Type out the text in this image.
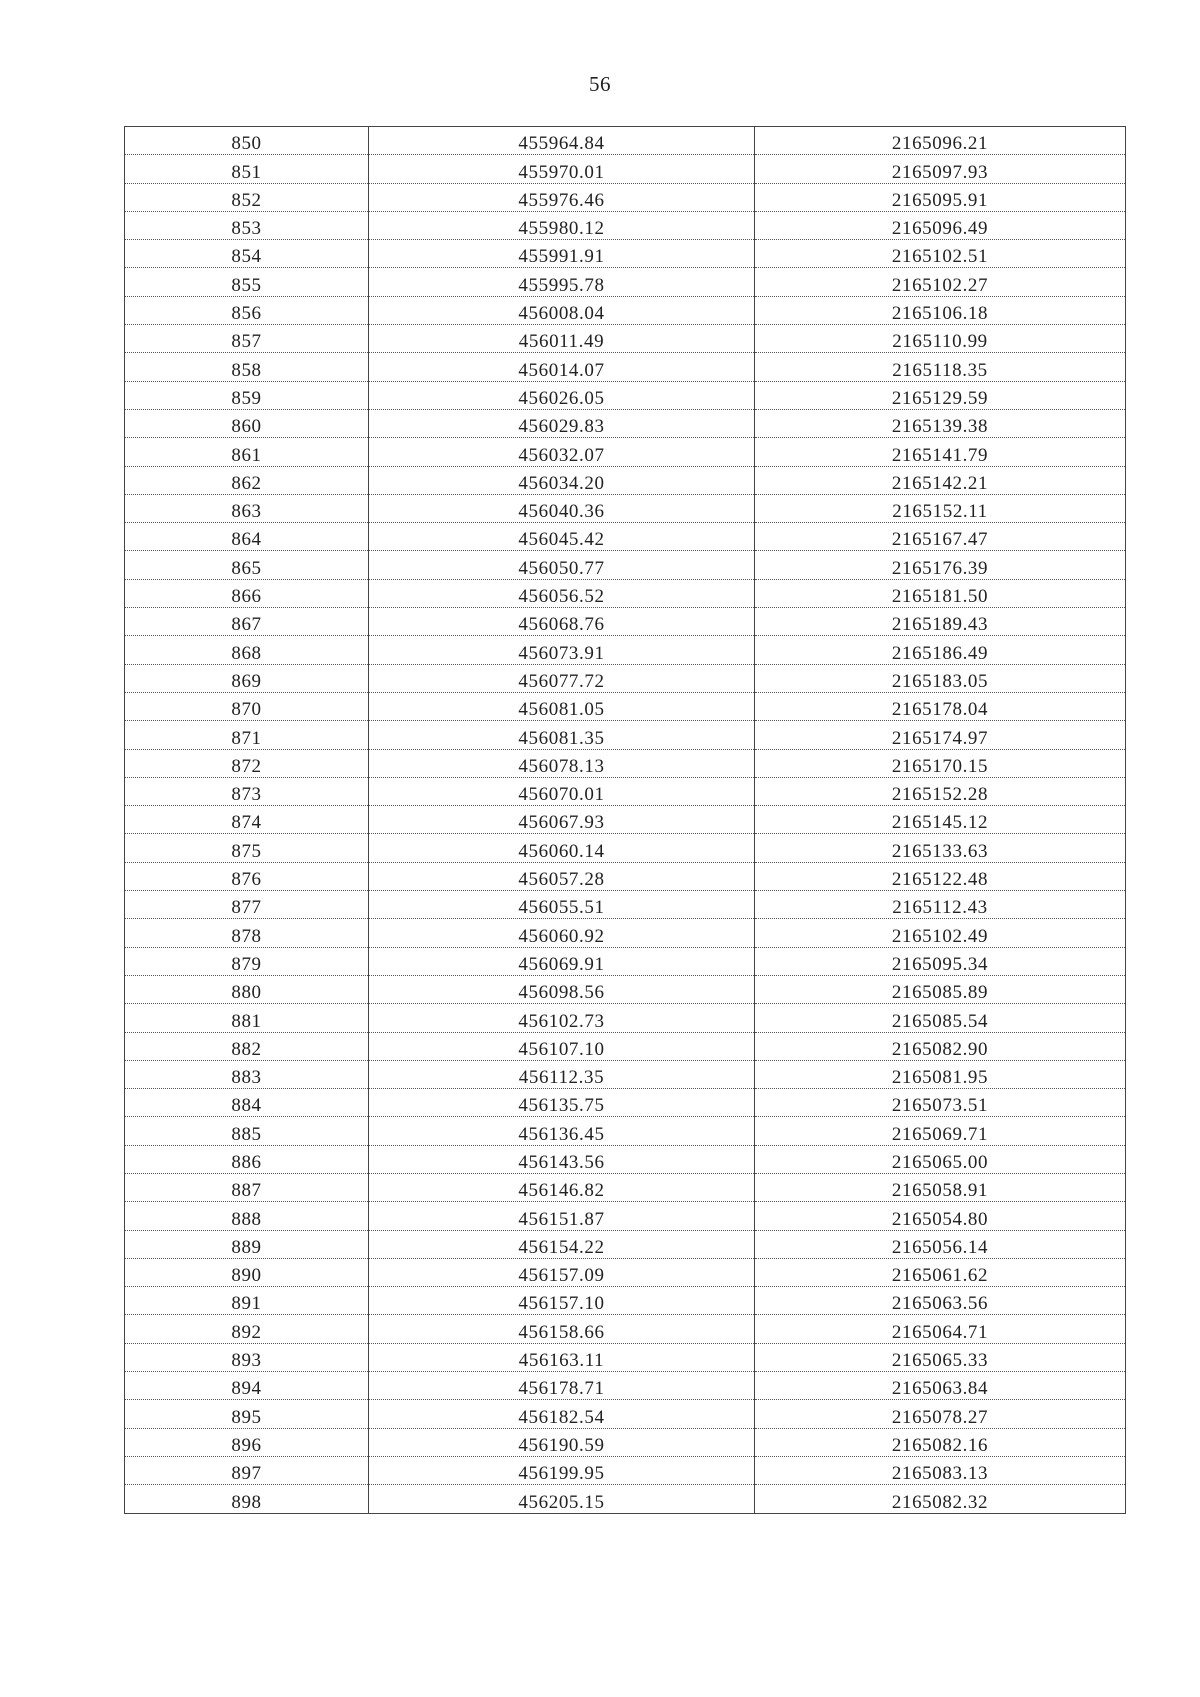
56
850	455964.84	2165096.21
851	455970.01	2165097.93
852	455976.46	2165095.91
853	455980.12	2165096.49
854	455991.91	2165102.51
855	455995.78	2165102.27
856	456008.04	2165106.18
857	456011.49	2165110.99
858	456014.07	2165118.35
859	456026.05	2165129.59
860	456029.83	2165139.38
861	456032.07	2165141.79
862	456034.20	2165142.21
863	456040.36	2165152.11
864	456045.42	2165167.47
865	456050.77	2165176.39
866	456056.52	2165181.50
867	456068.76	2165189.43
868	456073.91	2165186.49
869	456077.72	2165183.05
870	456081.05	2165178.04
871	456081.35	2165174.97
872	456078.13	2165170.15
873	456070.01	2165152.28
874	456067.93	2165145.12
875	456060.14	2165133.63
876	456057.28	2165122.48
877	456055.51	2165112.43
878	456060.92	2165102.49
879	456069.91	2165095.34
880	456098.56	2165085.89
881	456102.73	2165085.54
882	456107.10	2165082.90
883	456112.35	2165081.95
884	456135.75	2165073.51
885	456136.45	2165069.71
886	456143.56	2165065.00
887	456146.82	2165058.91
888	456151.87	2165054.80
889	456154.22	2165056.14
890	456157.09	2165061.62
891	456157.10	2165063.56
892	456158.66	2165064.71
893	456163.11	2165065.33
894	456178.71	2165063.84
895	456182.54	2165078.27
896	456190.59	2165082.16
897	456199.95	2165083.13
898	456205.15	2165082.32
